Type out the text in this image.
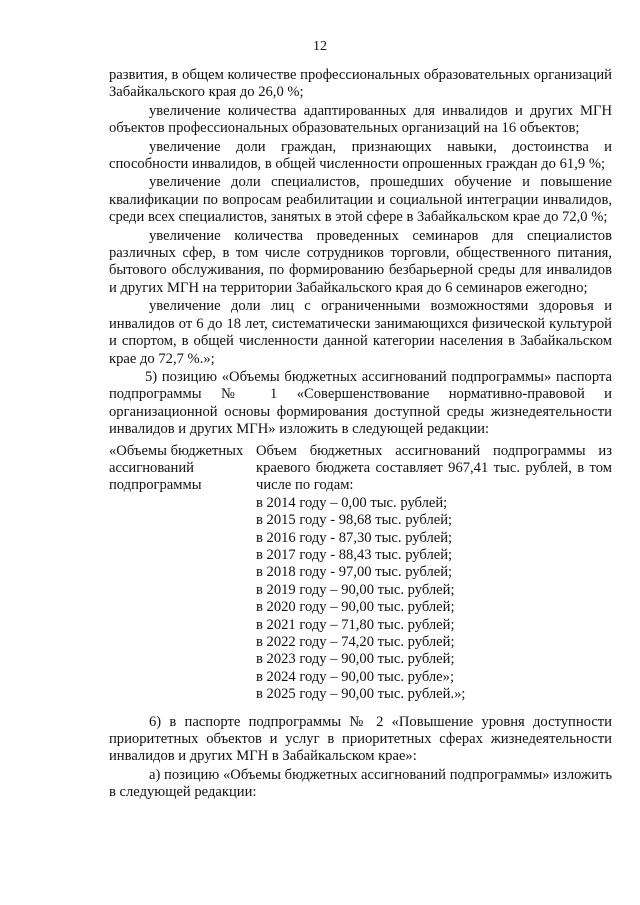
12

развития, в общем количестве профессиональных образовательных организаций Забайкальского края до 26,0 %;

увеличение количества адаптированных для инвалидов и других МГН объектов профессиональных образовательных организаций на 16 объектов;

увеличение доли граждан, признающих навыки, достоинства и способности инвалидов, в общей численности опрошенных граждан до 61,9 %;

увеличение доли специалистов, прошедших обучение и повышение квалификации по вопросам реабилитации и социальной интеграции инвалидов, среди всех специалистов, занятых в этой сфере в Забайкальском крае до 72,0 %;

увеличение количества проведенных семинаров для специалистов различных сфер, в том числе сотрудников торговли, общественного питания, бытового обслуживания, по формированию безбарьерной среды для инвалидов и других МГН на территории Забайкальского края до 6 семинаров ежегодно;

увеличение доли лиц с ограниченными возможностями здоровья и инвалидов от 6 до 18 лет, систематически занимающихся физической культурой и спортом, в общей численности данной категории населения в Забайкальском крае до 72,7 %.»;

5) позицию «Объемы бюджетных ассигнований подпрограммы» паспорта подпрограммы № 1 «Совершенствование нормативно-правовой и организационной основы формирования доступной среды жизнедеятельности инвалидов и других МГН» изложить в следующей редакции:

«Объемы бюджетных ассигнований подпрограммы
Объем бюджетных ассигнований подпрограммы из краевого бюджета составляет 967,41 тыс. рублей, в том числе по годам:
в 2014 году – 0,00 тыс. рублей;
в 2015 году - 98,68 тыс. рублей;
в 2016 году - 87,30 тыс. рублей;
в 2017 году - 88,43 тыс. рублей;
в 2018 году - 97,00 тыс. рублей;
в 2019 году – 90,00 тыс. рублей;
в 2020 году – 90,00 тыс. рублей;
в 2021 году – 71,80 тыс. рублей;
в 2022 году – 74,20 тыс. рублей;
в 2023 году – 90,00 тыс. рублей;
в 2024 году – 90,00 тыс. рубле»;
в 2025 году – 90,00 тыс. рублей.»;

6) в паспорте подпрограммы № 2 «Повышение уровня доступности приоритетных объектов и услуг в приоритетных сферах жизнедеятельности инвалидов и других МГН в Забайкальском крае»:

а) позицию «Объемы бюджетных ассигнований подпрограммы» изложить в следующей редакции:
